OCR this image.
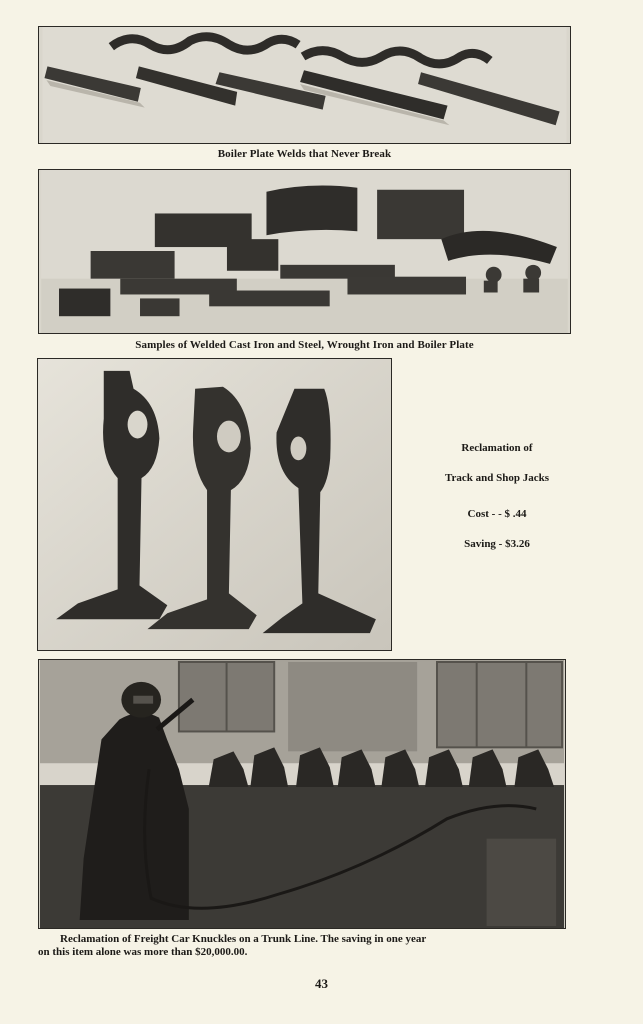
Boiler Plate Welds that Never Break
Samples of Welded Cast Iron and Steel, Wrought Iron and Boiler Plate
Reclamation of
Track and Shop Jacks
Cost - - $ .44
Saving - $3.26
Reclamation of Freight Car Knuckles on a Trunk Line. The saving in one year
on this item alone was more than $20,000.00.
43
